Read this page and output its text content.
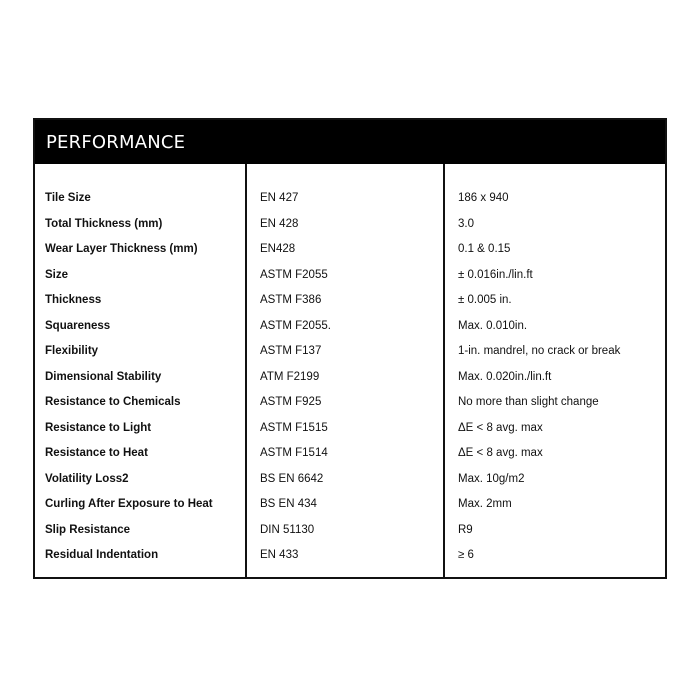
PERFORMANCE
Tile Size	EN 427	186 x 940
Total Thickness (mm)	EN 428	3.0
Wear Layer Thickness (mm)	EN428	0.1 & 0.15
Size	ASTM F2055	± 0.016in./lin.ft
Thickness	ASTM F386	± 0.005 in.
Squareness	ASTM F2055.	Max. 0.010in.
Flexibility	ASTM F137	1-in. mandrel, no crack or break
Dimensional Stability	ATM F2199	Max. 0.020in./lin.ft
Resistance to Chemicals	ASTM F925	No more than slight change
Resistance to Light	ASTM F1515	ΔE < 8 avg. max
Resistance to Heat	ASTM F1514	ΔE < 8 avg. max
Volatility Loss2	BS EN 6642	Max. 10g/m2
Curling After Exposure to Heat	BS EN 434	Max. 2mm
Slip Resistance	DIN 51130	R9
Residual Indentation	EN 433	≥ 6
